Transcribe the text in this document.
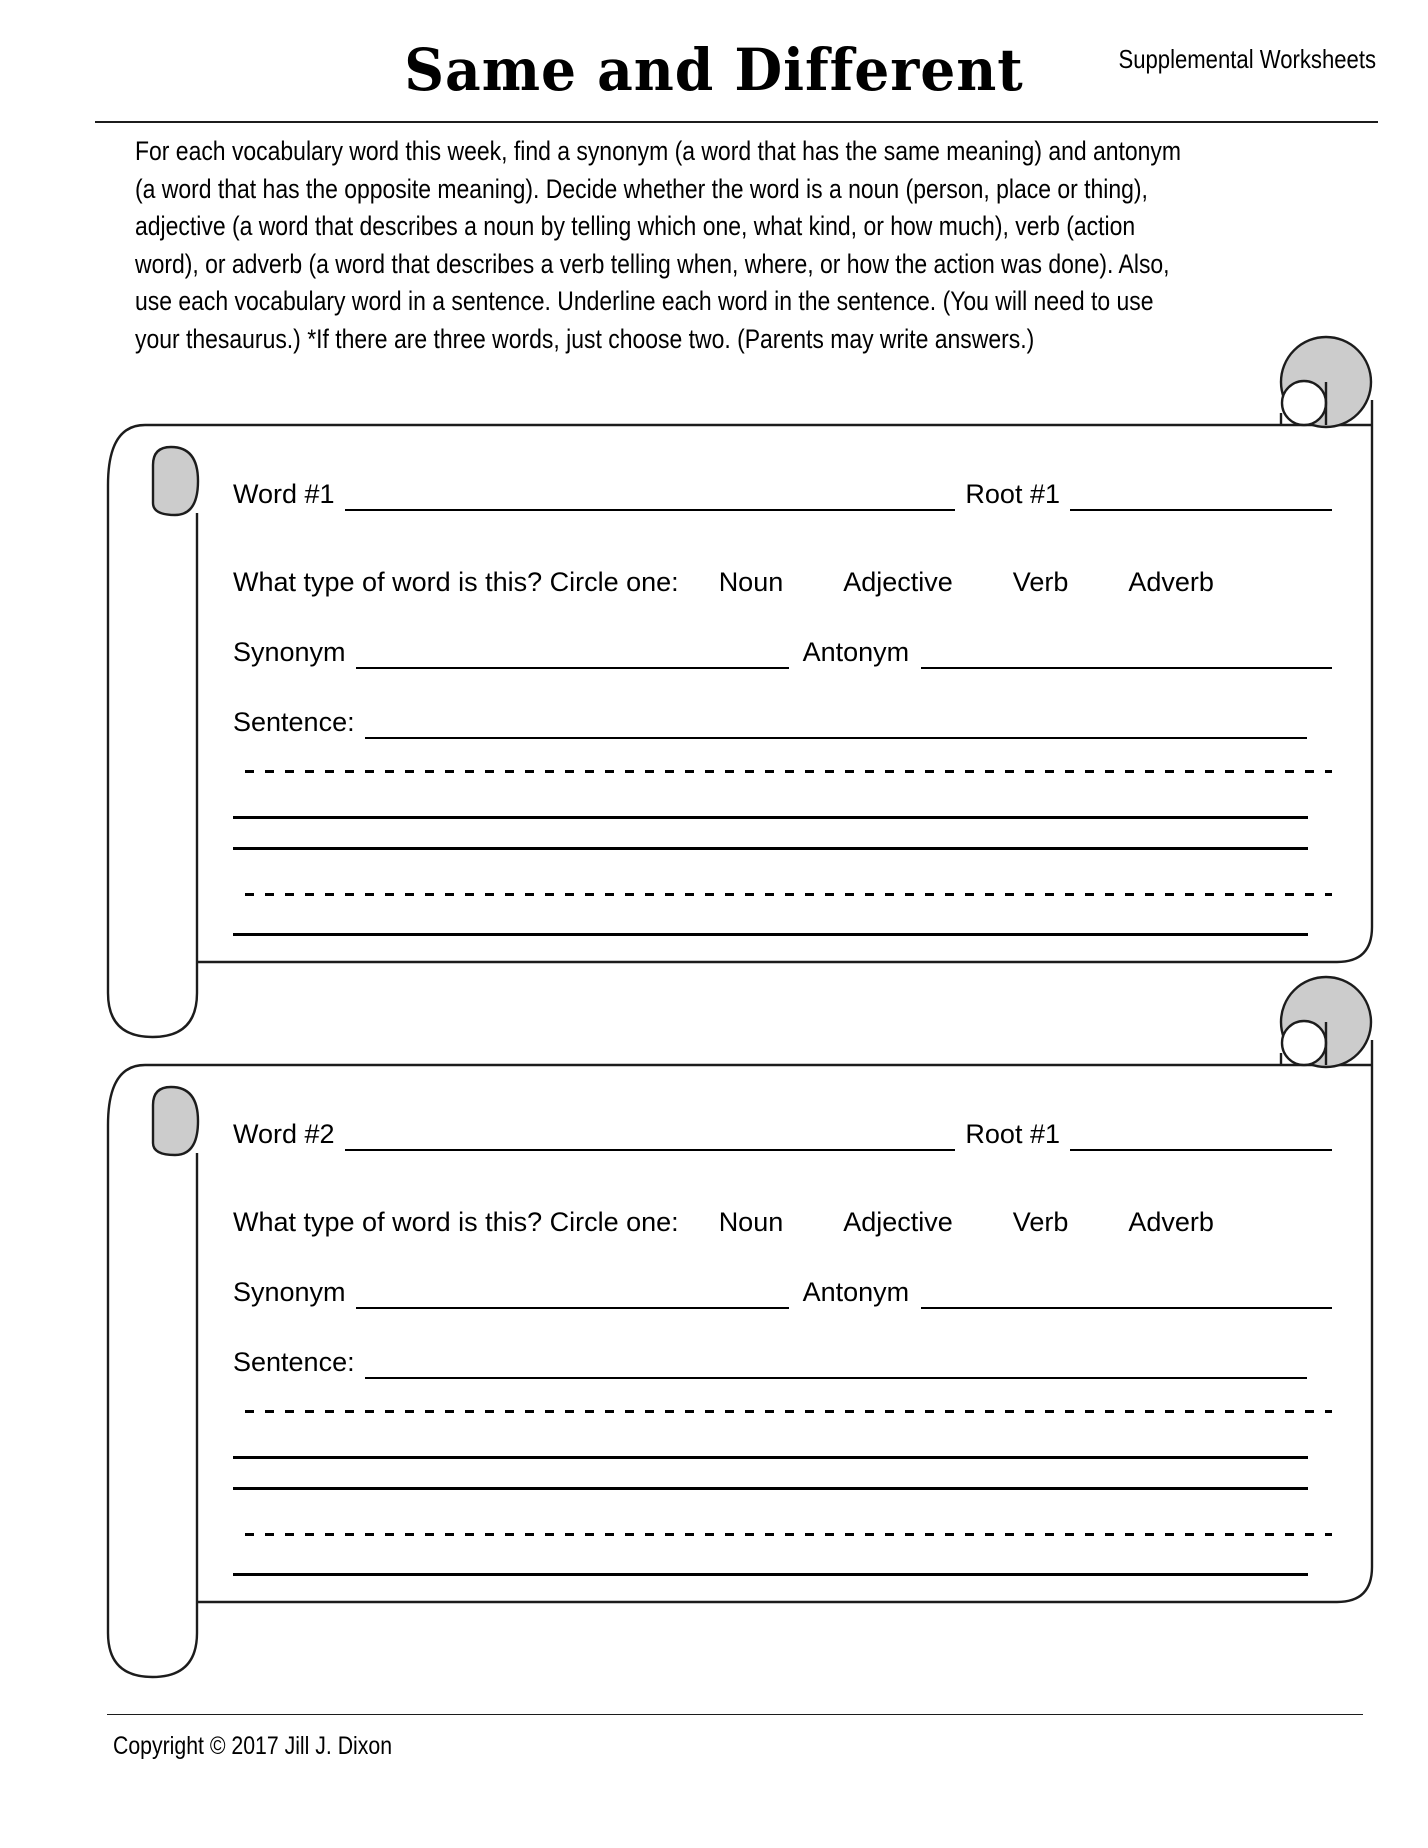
Same and Different	Supplemental Worksheets
For each vocabulary word this week, find a synonym (a word that has the same meaning) and antonym
(a word that has the opposite meaning). Decide whether the word is a noun (person, place or thing),
adjective (a word that describes a noun by telling which one, what kind, or how much), verb (action
word), or adverb (a word that describes a verb telling when, where, or how the action was done). Also,
use each vocabulary word in a sentence. Underline each word in the sentence. (You will need to use
your thesaurus.) *If there are three words, just choose two. (Parents may write answers.)
Word #1	Root #1
What type of word is this? Circle one: Noun Adjective Verb Adverb
Synonym	Antonym
Sentence:
Word #2	Root #1
What type of word is this? Circle one: Noun Adjective Verb Adverb
Synonym	Antonym
Sentence:
Copyright © 2017 Jill J. Dixon
